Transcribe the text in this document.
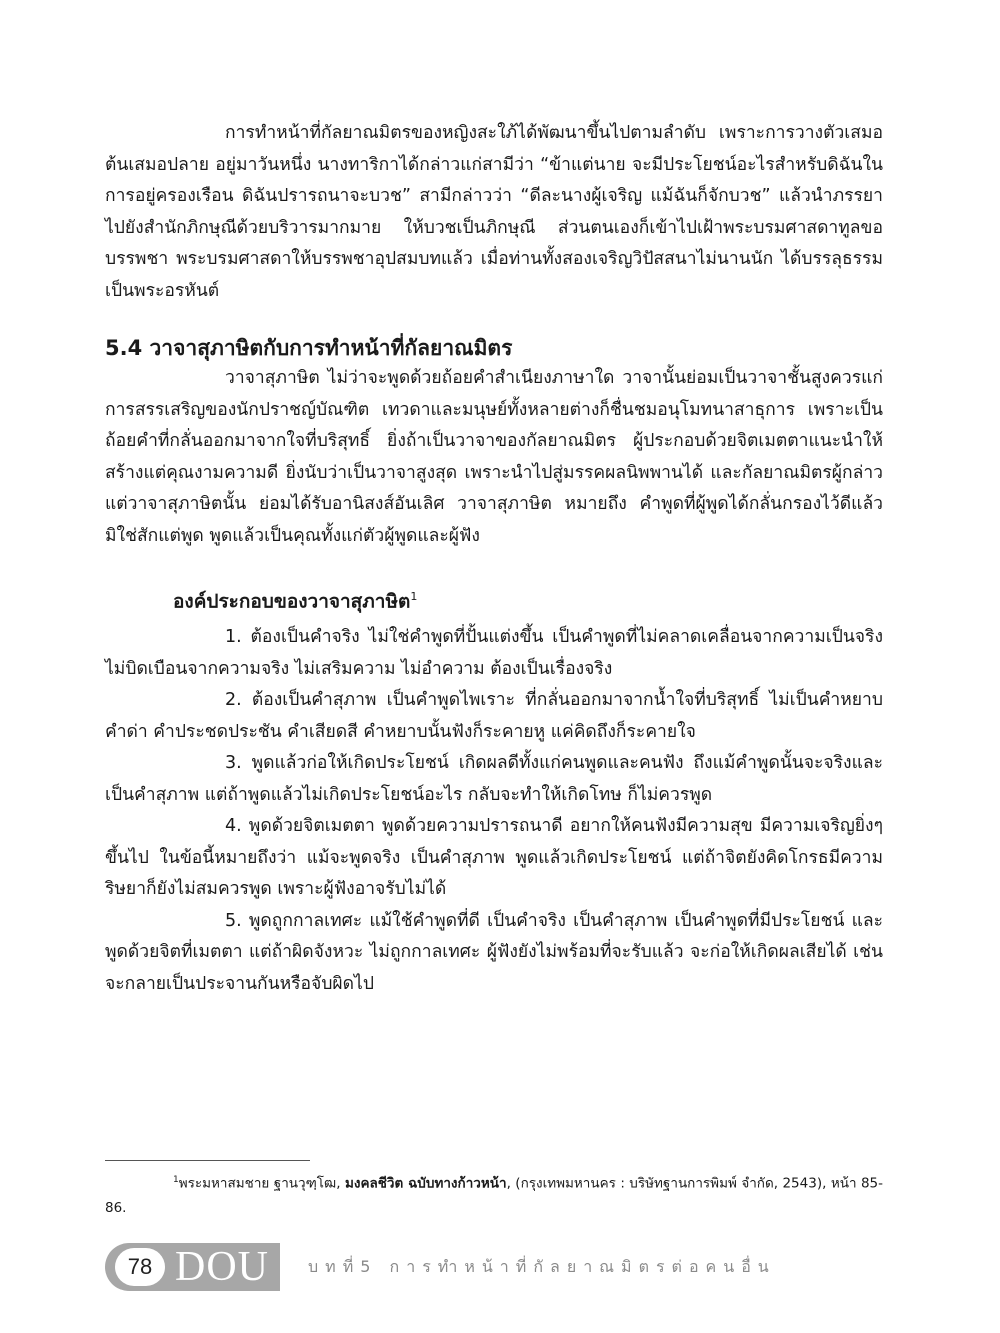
การทำหน้าที่กัลยาณมิตรของหญิงสะใภ้ได้พัฒนาขึ้นไปตามลำดับ เพราะการวางตัวเสมอต้นเสมอปลาย อยู่มาวันหนึ่ง นางทาริกาได้กล่าวแก่สามีว่า “ข้าแต่นาย จะมีประโยชน์อะไรสำหรับดิฉันในการอยู่ครองเรือน ดิฉันปรารถนาจะบวช” สามีกล่าวว่า “ดีละนางผู้เจริญ แม้ฉันก็จักบวช” แล้วนำภรรยาไปยังสำนักภิกษุณีด้วยบริวารมากมาย ให้บวชเป็นภิกษุณี ส่วนตนเองก็เข้าไปเฝ้าพระบรมศาสดาทูลขอบรรพชา พระบรมศาสดาให้บรรพชาอุปสมบทแล้ว เมื่อท่านทั้งสองเจริญวิปัสสนาไม่นานนัก ได้บรรลุธรรมเป็นพระอรหันต์

5.4 วาจาสุภาษิตกับการทำหน้าที่กัลยาณมิตร

วาจาสุภาษิต ไม่ว่าจะพูดด้วยถ้อยคำสำเนียงภาษาใด วาจานั้นย่อมเป็นวาจาชั้นสูงควรแก่การสรรเสริญของนักปราชญ์บัณฑิต เทวดาและมนุษย์ทั้งหลายต่างก็ชื่นชมอนุโมทนาสาธุการ เพราะเป็นถ้อยคำที่กลั่นออกมาจากใจที่บริสุทธิ์ ยิ่งถ้าเป็นวาจาของกัลยาณมิตร ผู้ประกอบด้วยจิตเมตตาแนะนำให้สร้างแต่คุณงามความดี ยิ่งนับว่าเป็นวาจาสูงสุด เพราะนำไปสู่มรรคผลนิพพานได้ และกัลยาณมิตรผู้กล่าวแต่วาจาสุภาษิตนั้น ย่อมได้รับอานิสงส์อันเลิศ วาจาสุภาษิต หมายถึง คำพูดที่ผู้พูดได้กลั่นกรองไว้ดีแล้ว มิใช่สักแต่พูด พูดแล้วเป็นคุณทั้งแก่ตัวผู้พูดและผู้ฟัง

องค์ประกอบของวาจาสุภาษิต$^1$

1. ต้องเป็นคำจริง ไม่ใช่คำพูดที่ปั้นแต่งขึ้น เป็นคำพูดที่ไม่คลาดเคลื่อนจากความเป็นจริง ไม่บิดเบือนจากความจริง ไม่เสริมความ ไม่อำความ ต้องเป็นเรื่องจริง

2. ต้องเป็นคำสุภาพ เป็นคำพูดไพเราะ ที่กลั่นออกมาจากน้ำใจที่บริสุทธิ์ ไม่เป็นคำหยาบ คำด่า คำประชดประชัน คำเสียดสี คำหยาบนั้นฟังก็ระคายหู แค่คิดถึงก็ระคายใจ

3. พูดแล้วก่อให้เกิดประโยชน์ เกิดผลดีทั้งแก่คนพูดและคนฟัง ถึงแม้คำพูดนั้นจะจริงและเป็นคำสุภาพ แต่ถ้าพูดแล้วไม่เกิดประโยชน์อะไร กลับจะทำให้เกิดโทษ ก็ไม่ควรพูด

4. พูดด้วยจิตเมตตา พูดด้วยความปรารถนาดี อยากให้คนฟังมีความสุข มีความเจริญยิ่งๆ ขึ้นไป ในข้อนี้หมายถึงว่า แม้จะพูดจริง เป็นคำสุภาพ พูดแล้วเกิดประโยชน์ แต่ถ้าจิตยังคิดโกรธมีความริษยาก็ยังไม่สมควรพูด เพราะผู้ฟังอาจรับไม่ได้

5. พูดถูกกาลเทศะ แม้ใช้คำพูดที่ดี เป็นคำจริง เป็นคำสุภาพ เป็นคำพูดที่มีประโยชน์ และพูดด้วยจิตที่เมตตา แต่ถ้าผิดจังหวะ ไม่ถูกกาลเทศะ ผู้ฟังยังไม่พร้อมที่จะรับแล้ว จะก่อให้เกิดผลเสียได้ เช่น จะกลายเป็นประจานกันหรือจับผิดไป

$^1$พระมหาสมชาย ฐานวุฑฺโฒ, มงคลชีวิต ฉบับทางก้าวหน้า, (กรุงเทพมหานคร : บริษัทฐานการพิมพ์ จำกัด, 2543), หน้า 85-86.
78 DOU บทที่5 การทำหน้าที่กัลยาณมิตรต่อคนอื่น
